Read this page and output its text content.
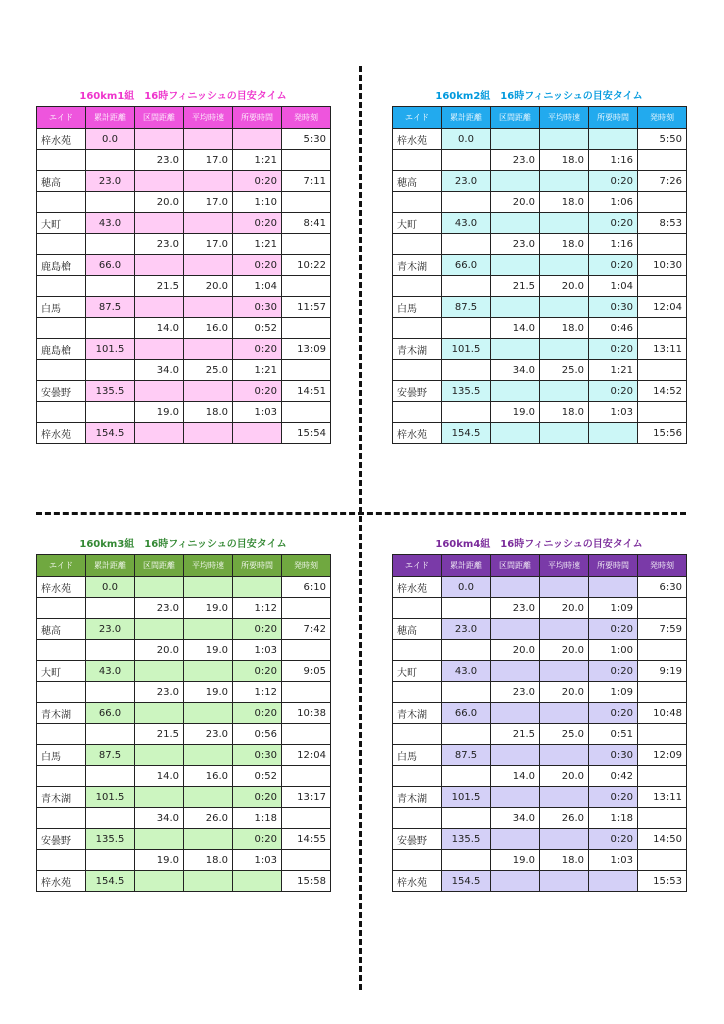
160km1組　16時フィニッシュの目安タイム
エイド	累計距離	区間距離	平均時速	所要時間	発時刻
梓水苑	0.0				5:30
		23.0	17.0	1:21	
穂高	23.0			0:20	7:11
		20.0	17.0	1:10	
大町	43.0			0:20	8:41
		23.0	17.0	1:21	
鹿島槍	66.0			0:20	10:22
		21.5	20.0	1:04	
白馬	87.5			0:30	11:57
		14.0	16.0	0:52	
鹿島槍	101.5			0:20	13:09
		34.0	25.0	1:21	
安曇野	135.5			0:20	14:51
		19.0	18.0	1:03	
梓水苑	154.5				15:54
160km2組　16時フィニッシュの目安タイム
エイド	累計距離	区間距離	平均時速	所要時間	発時刻
梓水苑	0.0				5:50
		23.0	18.0	1:16	
穂高	23.0			0:20	7:26
		20.0	18.0	1:06	
大町	43.0			0:20	8:53
		23.0	18.0	1:16	
青木湖	66.0			0:20	10:30
		21.5	20.0	1:04	
白馬	87.5			0:30	12:04
		14.0	18.0	0:46	
青木湖	101.5			0:20	13:11
		34.0	25.0	1:21	
安曇野	135.5			0:20	14:52
		19.0	18.0	1:03	
梓水苑	154.5				15:56
160km3組　16時フィニッシュの目安タイム
エイド	累計距離	区間距離	平均時速	所要時間	発時刻
梓水苑	0.0				6:10
		23.0	19.0	1:12	
穂高	23.0			0:20	7:42
		20.0	19.0	1:03	
大町	43.0			0:20	9:05
		23.0	19.0	1:12	
青木湖	66.0			0:20	10:38
		21.5	23.0	0:56	
白馬	87.5			0:30	12:04
		14.0	16.0	0:52	
青木湖	101.5			0:20	13:17
		34.0	26.0	1:18	
安曇野	135.5			0:20	14:55
		19.0	18.0	1:03	
梓水苑	154.5				15:58
160km4組　16時フィニッシュの目安タイム
エイド	累計距離	区間距離	平均時速	所要時間	発時刻
梓水苑	0.0				6:30
		23.0	20.0	1:09	
穂高	23.0			0:20	7:59
		20.0	20.0	1:00	
大町	43.0			0:20	9:19
		23.0	20.0	1:09	
青木湖	66.0			0:20	10:48
		21.5	25.0	0:51	
白馬	87.5			0:30	12:09
		14.0	20.0	0:42	
青木湖	101.5			0:20	13:11
		34.0	26.0	1:18	
安曇野	135.5			0:20	14:50
		19.0	18.0	1:03	
梓水苑	154.5				15:53
